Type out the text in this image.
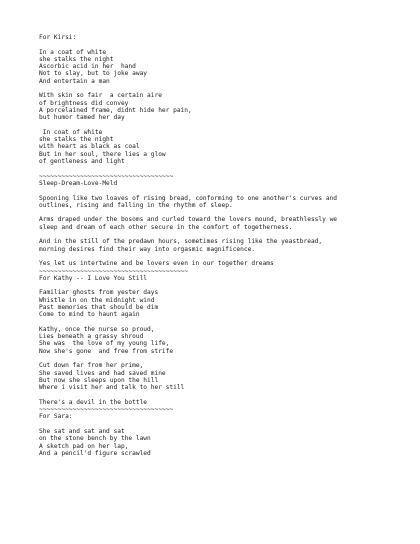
For Kirsi:
In a coat of white
she stalks the night
Ascorbic acid in her  hand
Not to slay, but to joke away
And entertain a man
With skin so fair  a certain aire
of brightness did convey
A porcelained frame, didnt hide her pain,
but humor tamed her day
In coat of white
she stalks the night
with heart as black as coal
But in her soul, there lies a glow
of gentleness and light
~~~~~~~~~~~~~~~~~~~~~~~~~~~~~~~~~~~~
Sleep-Dream-Love-Meld
Spooning like two loaves of rising bread, conforming to one another's curves and
outlines, rising and falling in the rhythm of sleep.
Arms draped under the bosoms and curled toward the lovers mound, breathlessly we
sleep and dream of each other secure in the comfort of togetherness.
And in the still of the predawn hours, sometimes rising like the yeastbread,
morning desires find their way into orgasmic magnificence.
Yes let us intertwine and be lovers even in our together dreams
~~~~~~~~~~~~~~~~~~~~~~~~~~~~~~~~~~~~~~~~
For Kathy -- I Love You Still
Familiar ghosts from yester days
Whistle in on the midnight wind
Past memories that should be dim
Come to mind to haunt again
Kathy, once the nurse so proud,
Lies beneath a grassy shroud
She was  the love of my young life,
Now she's gone  and free from strife
Cut down far from her prime,
She saved lives and had saved mine
But now she sleeps upon the hill
Where i visit her and talk to her still
There's a devil in the bottle
~~~~~~~~~~~~~~~~~~~~~~~~~~~~~~~~~~~~
For Sara:
She sat and sat and sat
on the stone bench by the lawn
A sketch pad on her lap,
And a pencil'd figure scrawled
